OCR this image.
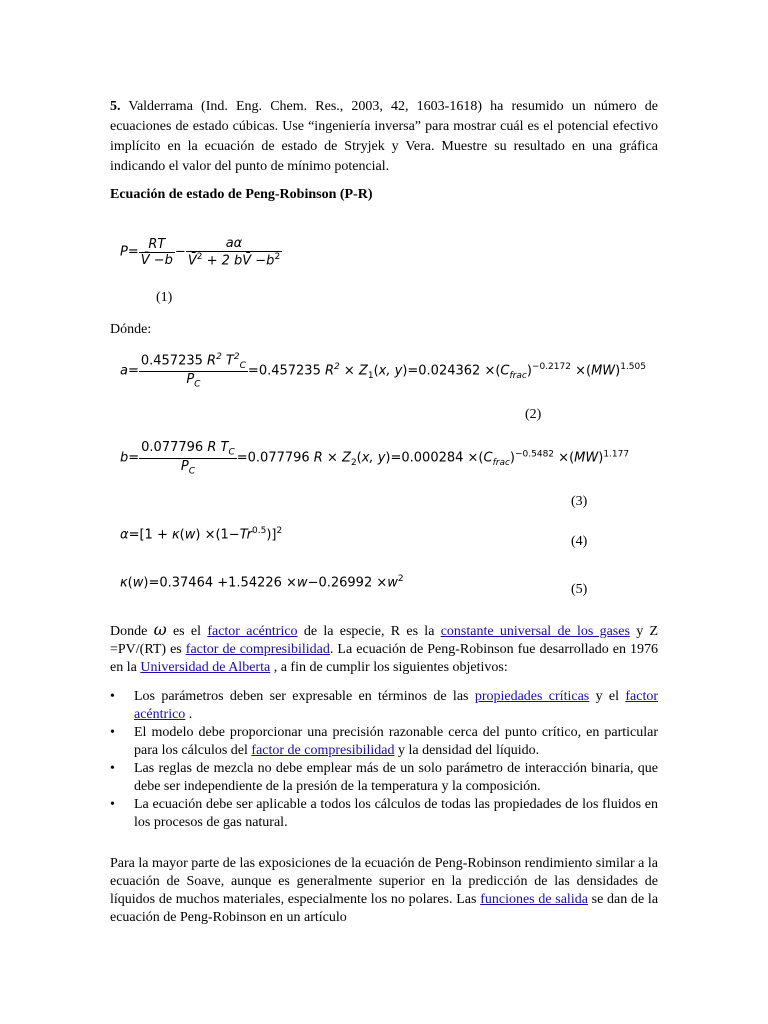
5. Valderrama (Ind. Eng. Chem. Res., 2003, 42, 1603-1618) ha resumido un número de ecuaciones de estado cúbicas. Use “ingeniería inversa” para mostrar cuál es el potencial efectivo implícito en la ecuación de estado de Stryjek y Vera. Muestre su resultado en una gráfica indicando el valor del punto de mínimo potencial.
Ecuación de estado de Peng-Robinson (P-R)
$P= \frac{RT}{V̄ -b} - \frac{a\alpha}{V̄^2 + 2 bV̄ -b^2}$
(1)
Dónde:
$a= \frac{0.457235 R^2 T^2_C}{P_C} =0.457235$ $R^2 \times Z_1(x$, $y)=0.024362 \times(C_{frac})^{-0.2172} \times(MW)^{1.505}$
(2)
$b= \frac{0.077796 R T_C}{P_C} =0.077796$ $R \times Z_2(x$, $y)=0.000284 \times(C_{frac})^{-0.5482} \times(MW)^{1.177}$
(3)
$\alpha=[1 + \kappa(w) \times(1-Tr^{0.5})]^2$
(4)
$\kappa(w)=0.37464 +1.54226 \times w-0.26992 \times w^2$
(5)
Donde ω es el factor acéntrico de la especie, R es la constante universal de los gases y Z =PV/(RT) es factor de compresibilidad. La ecuación de Peng-Robinson fue desarrollado en 1976 en la Universidad de Alberta , a fin de cumplir los siguientes objetivos:
• Los parámetros deben ser expresable en términos de las propiedades críticas y el factor acéntrico .
• El modelo debe proporcionar una precisión razonable cerca del punto crítico, en particular para los cálculos del factor de compresibilidad y la densidad del líquido.
• Las reglas de mezcla no debe emplear más de un solo parámetro de interacción binaria, que debe ser independiente de la presión de la temperatura y la composición.
• La ecuación debe ser aplicable a todos los cálculos de todas las propiedades de los fluidos en los procesos de gas natural.
Para la mayor parte de las exposiciones de la ecuación de Peng-Robinson rendimiento similar a la ecuación de Soave, aunque es generalmente superior en la predicción de las densidades de líquidos de muchos materiales, especialmente los no polares. Las funciones de salida se dan de la ecuación de Peng-Robinson en un artículo
